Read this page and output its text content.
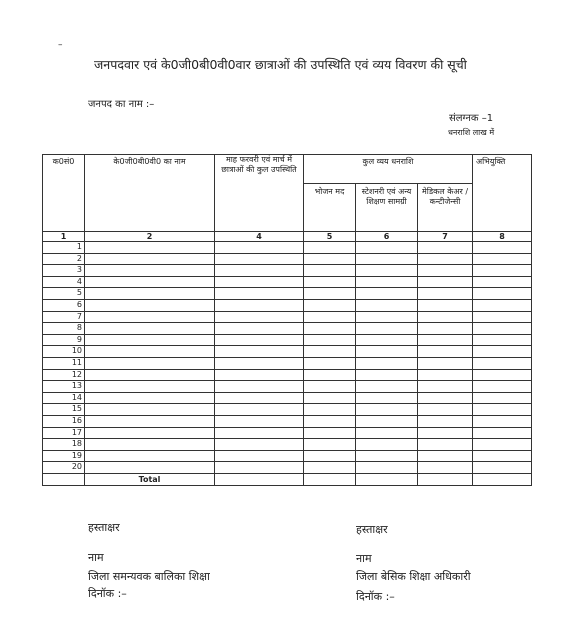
–
जनपदवार एवं के0जी0बी0वी0वार छात्राओं की उपस्थिति एवं व्यय विवरण की सूची
जनपद का नाम :–
संलग्नक –1
धनराशि लाख में
क0सं0	के0जी0बी0वी0 का नाम	माह फरवरी एवं मार्च में छात्राओं की कुल उपस्थिति	कुल व्यय धनराशि			अभियुक्ति
			भोजन मद	स्टेशनरी एवं अन्य शिक्षण सामग्री	मेडिकल केअर / कन्टीजेन्सी	
1	2	4	5	6	7	8
1						
2						
3						
4						
5						
6						
7						
8						
9						
10						
11						
12						
13						
14						
15						
16						
17						
18						
19						
20						
	Total					
हस्ताक्षर
नाम
जिला समन्यवक बालिका शिक्षा
दिनॉक :–
हस्ताक्षर
नाम
जिला बेसिक शिक्षा अधिकारी
दिनॉक :–
